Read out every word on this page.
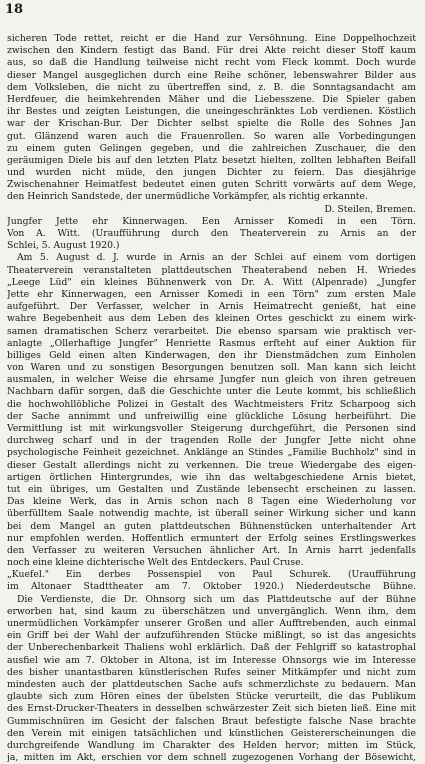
18
sicheren Tode rettet, reicht er die Hand zur Versöhnung. Eine Doppelhochzeit
zwischen den Kindern festigt das Band. Für drei Akte reicht dieser Stoff kaum
aus, so daß die Handlung teilweise nicht recht vom Fleck kommt. Doch wurde
dieser Mangel ausgeglichen durch eine Reihe schöner, lebenswahrer Bilder aus
dem Volksleben, die nicht zu übertreffen sind, z. B. die Sonntagsandacht am
Herdfeuer, die heimkehrenden Mäher und die Liebesszene. Die Spieler gaben
ihr Bestes und zeigten Leistungen, die uneingeschränktes Lob verdienen. Köstlich
war der Krischan-Bur. Der Dichter selbst spielte die Rolle des Sohnes Jan
gut. Glänzend waren auch die Frauenrollen. So waren alle Vorbedingungen
zu einem guten Gelingen gegeben, und die zahlreichen Zuschauer, die den
geräumigen Diele bis auf den letzten Platz besetzt hielten, zollten lebhaften Beifall
und wurden nicht müde, den jungen Dichter zu feiern. Das diesjährige
Zwischenahner Heimatfest bedeutet einen guten Schritt vorwärts auf dem Wege,
den Heinrich Sandstede, der unermüdliche Vorkämpfer, als richtig erkannte.
D. Steilen, Bremen.
Jungfer Jette ehr Kinnerwagen. Een Arnisser Komedi in een Törn.
Von A. Witt. (Uraufführung durch den Theaterverein zu Arnis an der
Schlei, 5. August 1920.)
Am 5. August d. J. wurde in Arnis an der Schlei auf einem vom dortigen
Theaterverein veranstalteten plattdeutschen Theaterabend neben H. Wriedes
„Leege Lüd" ein kleines Bühnenwerk von Dr. A. Witt (Alpenrade) „Jungfer
Jette ehr Kinnerwagen, een Arnisser Komedi in een Törn" zum ersten Male
aufgeführt. Der Verfasser, welcher in Arnis Heimatrecht genießt, hat eine
wahre Begebenheit aus dem Leben des kleinen Ortes geschickt zu einem wirk-
samen dramatischen Scherz verarbeitet. Die ebenso sparsam wie praktisch ver-
anlagte „Ollerhaftige Jungfer" Henriette Rasmus erfteht auf einer Auktion für
billiges Geld einen alten Kinderwagen, den ihr Dienstmädchen zum Einholen
von Waren und zu sonstigen Besorgungen benutzen soll. Man kann sich leicht
ausmalen, in welcher Weise die ehrsame Jungfer nun gleich von ihren getreuen
Nachbarn dafür sorgen, daß die Geschichte unter die Leute kommt, bis schließlich
die hochwohllöbliche Polizei in Gestalt des Wachtmeisters Fritz Scharpoog sich
der Sache annimmt und unfreiwillig eine glückliche Lösung herbeiführt. Die
Vermittlung ist mit wirkungsvoller Steigerung durchgeführt, die Personen sind
durchweg scharf und in der tragenden Rolle der Jungfer Jette nicht ohne
psychologische Feinheit gezeichnet. Anklänge an Stindes „Familie Buchholz" sind in
dieser Gestalt allerdings nicht zu verkennen. Die treue Wiedergabe des eigen-
artigen örtlichen Hintergrundes, wie ihn das weltabgeschiedene Arnis bietet,
tut ein übriges, um Gestalten und Zustände lebensecht erscheinen zu lassen.
Das kleine Werk, das in Arnis schon nach 8 Tagen eine Wiederholung vor
überfülltem Saale notwendig machte, ist überall seiner Wirkung sicher und kann
bei dem Mangel an guten plattdeutschen Bühnenstücken unterhaltender Art
nur empfohlen werden. Hoffentlich ermuntert der Erfolg seines Erstlingswerkes
den Verfasser zu weiteren Versuchen ähnlicher Art. In Arnis harrt jedenfalls
noch eine kleine dichterische Welt des Entdeckers. Paul Cruse.
„Kuefel." Ein derbes Possenspiel von Paul Schurek. (Uraufführung
im Altonaer Stadttheater am 7. Oktober 1920.) Niederdeutsche Bühne.
Die Verdienste, die Dr. Ohnsorg sich um das Plattdeutsche auf der Bühne
erworben hat, sind kaum zu überschätzen und unvergänglich. Wenn ihm, dem
unermüdlichen Vorkämpfer unserer Großen und aller Aufftrebenden, auch einmal
ein Griff bei der Wahl der aufzuführenden Stücke mißlingt, so ist das angesichts
der Unberechenbarkeit Thaliens wohl erklärlich. Daß der Fehlgriff so katastrophal
ausfiel wie am 7. Oktober in Altona, ist im Interesse Ohnsorgs wie im Interesse
des bisher unantastbaren künstlerischen Rufes seiner Mitkämpfer und nicht zum
mindesten auch der plattdeutschen Sache aufs schmerzlichste zu bedauern. Man
glaubte sich zum Hören eines der übelsten Stücke verurteilt, die das Publikum
des Ernst-Drucker-Theaters in desselben schwärzester Zeit sich bieten ließ. Eine mit
Gummischnüren im Gesicht der falschen Braut befestigte falsche Nase brachte
den Verein mit einigen tatsächlichen und künstlichen Geistererscheinungen die
durchgreifende Wandlung im Charakter des Helden hervor; mitten im Stück,
ja, mitten im Akt, erschien vor dem schnell zugezogenen Vorhang der Bösewicht,
